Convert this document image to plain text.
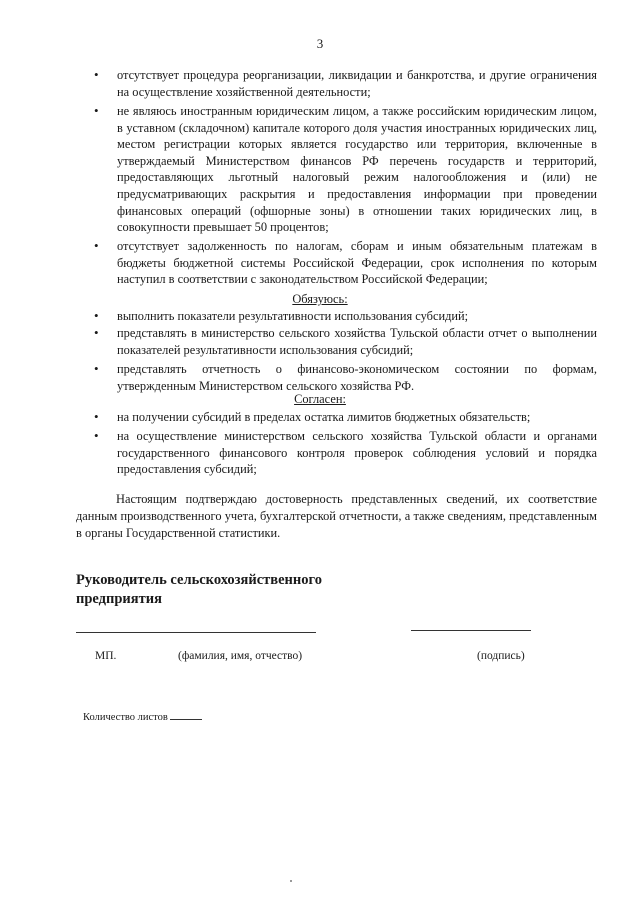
3
• отсутствует процедура реорганизации, ликвидации и банкротства, и другие ограничения на осуществление хозяйственной деятельности;
• не являюсь иностранным юридическим лицом, а также российским юридическим лицом, в уставном (складочном) капитале которого доля участия иностранных юридических лиц, местом регистрации которых является государство или территория, включенные в утверждаемый Министерством финансов РФ перечень государств и территорий, предоставляющих льготный налоговый режим налогообложения и (или) не предусматривающих раскрытия и предоставления информации при проведении финансовых операций (офшорные зоны) в отношении таких юридических лиц, в совокупности превышает 50 процентов;
• отсутствует задолженность по налогам, сборам и иным обязательным платежам в бюджеты бюджетной системы Российской Федерации, срок исполнения по которым наступил в соответствии с законодательством Российской Федерации;
Обязуюсь:
• выполнить показатели результативности использования субсидий;
• представлять в министерство сельского хозяйства Тульской области отчет о выполнении показателей результативности использования субсидий;
• представлять отчетность о финансово-экономическом состоянии по формам, утвержденным Министерством сельского хозяйства РФ.
Согласен:
• на получении субсидий в пределах остатка лимитов бюджетных обязательств;
• на осуществление министерством сельского хозяйства Тульской области и органами государственного финансового контроля проверок соблюдения условий и порядка предоставления субсидий;
Настоящим подтверждаю достоверность представленных сведений, их соответствие данным производственного учета, бухгалтерской отчетности, а также сведениям, представленным в органы Государственной статистики.
Руководитель сельскохозяйственного предприятия
МП.	(фамилия, имя, отчество)	(подпись)
Количество листов
